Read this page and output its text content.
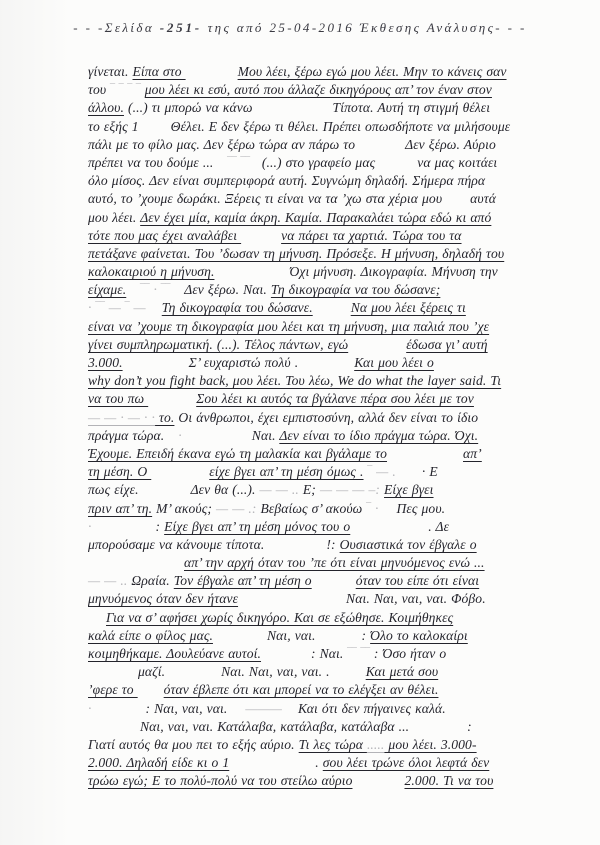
- - -Σελίδα -251- της από 25-04-2016 Έκθεσης Ανάλυσης- - -
γίνεται. Είπα στο	Μου λέει, ξέρω εγώ μου λέει. Μην το κάνεις σαν
του ‾ ‾ ‾ ‾ μου λέει κι εσύ, αυτό που άλλαζε δικηγόρους απ’ τον έναν στον
άλλου. (...) τι μπορώ να κάνω	Τίποτα. Αυτή τη στιγμή θέλει
το εξής 1 Θέλει. Ε δεν ξέρω τι θέλει. Πρέπει οπωσδήποτε να μιλήσουμε
πάλι με το φίλο μας. Δεν ξέρω τώρα αν πάρω το	Δεν ξέρω. Αύριο
πρέπει να του δούμε ... ‾‾ ‾‾ (...) στο γραφείο μας	να μας κοιτάει
όλο μίσος. Δεν είναι συμπεριφορά αυτή. Συγνώμη δηλαδή. Σήμερα πήρα
αυτό, το ’χουμε δωράκι. Ξέρεις τι είναι να τα ’χω στα χέρια μου αυτά
μου λέει. Δεν έχει μία, καμία άκρη. Καμία. Παρακαλάει τώρα εδώ κι από
τότε που μας έχει αναλάβει	να πάρει τα χαρτιά. Τώρα του τα
πετάξανε φαίνεται. Του ’δωσαν τη μήνυση. Πρόσεξε. Η μήνυση, δηλαδή του
καλοκαιριού η μήνυση.	Όχι μήνυση. Δικογραφία. Μήνυση την
είχαμε. ‾‾ · ‾‾ Δεν ξέρω. Ναι. Τη δικογραφία να του δώσανε;
· ‾‾ — ‾ — Τη δικογραφία του δώσανε.	Να μου λέει ξέρεις τι
είναι να ’χουμε τη δικογραφία μου λέει και τη μήνυση, μια παλιά που ’χε
γίνει συμπληρωματική. (...). Τέλος πάντων, εγώ	έδωσα γι’ αυτή
3.000.	Σ’ ευχαριστώ πολύ .	Και μου λέει ο
why don’t you fight back, μου λέει. Του λέω, We do what the layer said. Τι
να του πω	Σου λέει κι αυτός τα βγάλανε πέρα σου λέει με τον
— — · — · · το. Οι άνθρωποι, έχει εμπιστοσύνη, αλλά δεν είναι το ίδιο
πράγμα τώρα. ·	Ναι. Δεν είναι το ίδιο πράγμα τώρα. Όχι.
Έχουμε. Επειδή έκανα εγώ τη μαλακία και βγάλαμε το	απ’
τη μέση. Ο	είχε βγει απ’ τη μέση όμως . ‾ — . · Ε
πως είχε.	Δεν θα (...). — — .. Ε; — — — –: Είχε βγει
πριν απ’ τη. Μ’ ακούς; — — .: Βεβαίως σ’ ακούω ‾ · Πες μου.
·	: Είχε βγει απ’ τη μέση μόνος του ο	. Δε
μπορούσαμε να κάνουμε τίποτα.	!: Ουσιαστικά τον έβγαλε ο
απ’ την αρχή όταν του ’πε ότι είναι μηνυόμενος ενώ ...
— — .. Ωραία. Τον έβγαλε απ’ τη μέση ο	όταν του είπε ότι είναι
μηνυόμενος όταν δεν ήτανε	Ναι. Ναι, ναι, ναι. Φόβο.
Για να σ’ αφήσει χωρίς δικηγόρο. Και σε εξώθησε. Κοιμήθηκες
καλά είπε ο φίλος μας.	Ναι, ναι.	: Όλο το καλοκαίρι
κοιμηθήκαμε. Δουλεύανε αυτοί.	: Ναι. ‾‾ ‾‾ : Όσο ήταν ο
μαζί.	Ναι. Ναι, ναι, ναι. .	Και μετά σου
’φερε το όταν έβλεπε ότι και μπορεί να το ελέγξει αν θέλει.
·	: Ναι, ναι, ναι. ——— Και ότι δεν πήγαινες καλά.
Ναι, ναι, ναι. Κατάλαβα, κατάλαβα, κατάλαβα ...	:
Γιατί αυτός θα μου πει το εξής αύριο. Τι λες τώρα ..... μου λέει. 3.000-
2.000. Δηλαδή είδε κι ο 1	. σου λέει τρώνε όλοι λεφτά δεν
τρώω εγώ; Ε το πολύ-πολύ να του στείλω αύριο	2.000. Τι να του
